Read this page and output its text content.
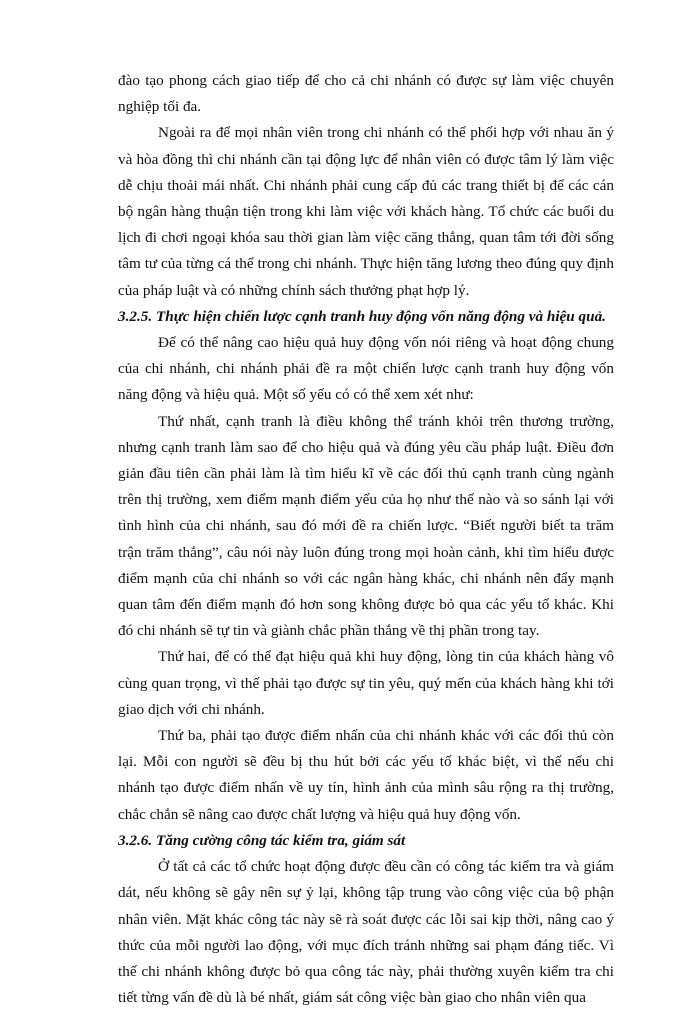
đào tạo phong cách giao tiếp để cho cả chi nhánh có được sự làm việc chuyên nghiệp tối đa.

Ngoài ra để mọi nhân viên trong chi nhánh có thể phối hợp với nhau ăn ý và hòa đồng thì chi nhánh cần tại động lực để nhân viên có được tâm lý làm việc dễ chịu thoải mái nhất. Chi nhánh phải cung cấp đủ các trang thiết bị để các cán bộ ngân hàng thuận tiện trong khi làm việc với khách hàng. Tổ chức các buổi du lịch đi chơi ngoại khóa sau thời gian làm việc căng thẳng, quan tâm tới đời sống tâm tư của từng cá thể trong chi nhánh. Thực hiện tăng lương theo đúng quy định của pháp luật và có những chính sách thưởng phạt hợp lý.

3.2.5. Thực hiện chiến lược cạnh tranh huy động vốn năng động và hiệu quả.

Để có thể nâng cao hiệu quả huy động vốn nói riêng và hoạt động chung của chi nhánh, chi nhánh phải đề ra một chiến lược cạnh tranh huy động vốn năng động và hiệu quả. Một số yếu có có thể xem xét như:

Thứ nhất, cạnh tranh là điều không thể tránh khỏi trên thương trường, nhưng cạnh tranh làm sao để cho hiệu quả và đúng yêu cầu pháp luật. Điều đơn giản đầu tiên cần phải làm là tìm hiểu kĩ về các đối thủ cạnh tranh cùng ngành trên thị trường, xem điểm mạnh điểm yếu của họ như thế nào và so sánh lại với tình hình của chi nhánh, sau đó mới đề ra chiến lược. “Biết người biết ta trăm trận trăm thắng”, câu nói này luôn đúng trong mọi hoàn cảnh, khi tìm hiểu được điểm mạnh của chi nhánh so với các ngân hàng khác, chi nhánh nên đẩy mạnh quan tâm đến điểm mạnh đó hơn song không được bỏ qua các yếu tố khác. Khi đó chi nhánh sẽ tự tin và giành chắc phần thắng về thị phần trong tay.

Thứ hai, để có thể đạt hiệu quả khi huy động, lòng tin của khách hàng vô cùng quan trọng, vì thế phải tạo được sự tin yêu, quý mến của khách hàng khi tới giao dịch với chi nhánh.

Thứ ba, phải tạo được điểm nhấn của chi nhánh khác với các đối thủ còn lại. Mỗi con người sẽ đều bị thu hút bởi các yếu tố khác biệt, vì thế nếu chi nhánh tạo được điểm nhấn về uy tín, hình ảnh của mình sâu rộng ra thị trường, chắc chắn sẽ nâng cao được chất lượng và hiệu quả huy động vốn.

3.2.6. Tăng cường công tác kiểm tra, giám sát

Ở tất cả các tổ chức hoạt động được đều cần có công tác kiểm tra và giám dát, nếu không sẽ gây nên sự ỷ lại, không tập trung vào công việc của bộ phận nhân viên. Mặt khác công tác này sẽ rà soát được các lỗi sai kịp thời, nâng cao ý thức của mỗi người lao động, với mục đích tránh những sai phạm đáng tiếc. Vì thế chi nhánh không được bỏ qua công tác này, phải thường xuyên kiểm tra chi tiết từng vấn đề dù là bé nhất, giám sát công việc bàn giao cho nhân viên qua
